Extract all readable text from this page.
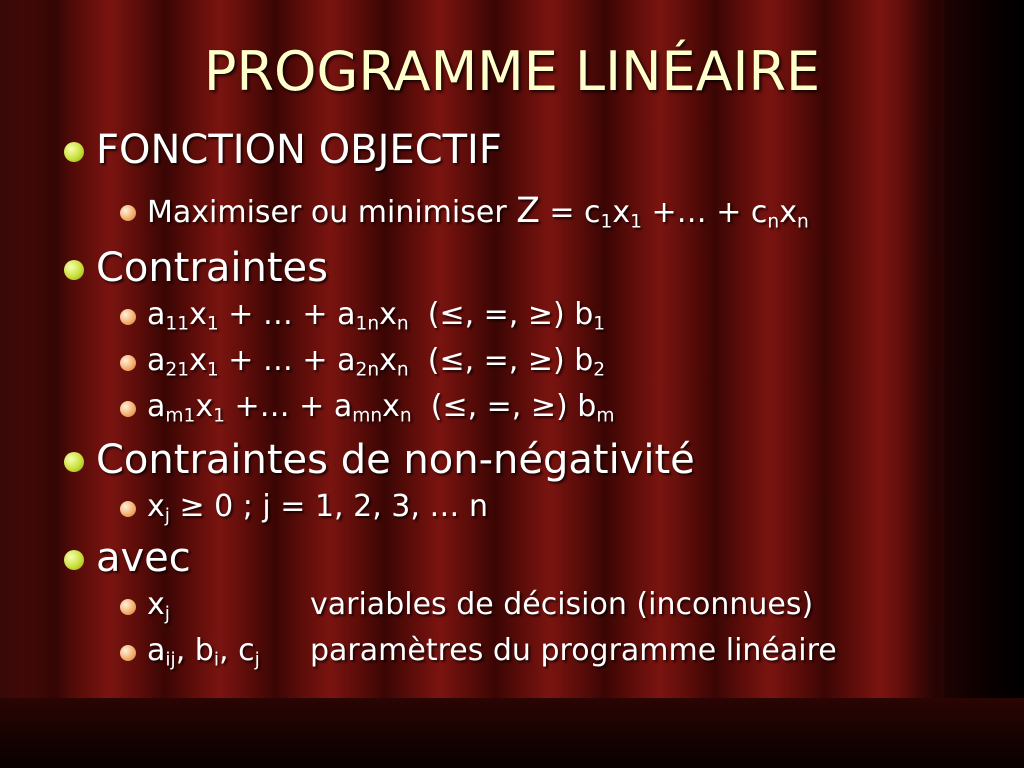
PROGRAMME LINÉAIRE
FONCTION OBJECTIF
Maximiser ou minimiser $Z = c_1x_1$ +… + $c_nx_n$
Contraintes
$a_{11}x_1$ + … + $a_{1n}x_n$  (≤, =, ≥) $b_1$
$a_{21}x_1$ + … + $a_{2n}x_n$  (≤, =, ≥) $b_2$
$a_{m1}x_1$ +… + $a_{mn}x_n$  (≤, =, ≥) $b_m$
Contraintes de non-négativité
$x_j \ge 0$ ; j = 1, 2, 3, … n
avec
$x_j$	variables de décision (inconnues)
$a_{ij}$, $b_i$, $c_j$ paramètres du programme linéaire
